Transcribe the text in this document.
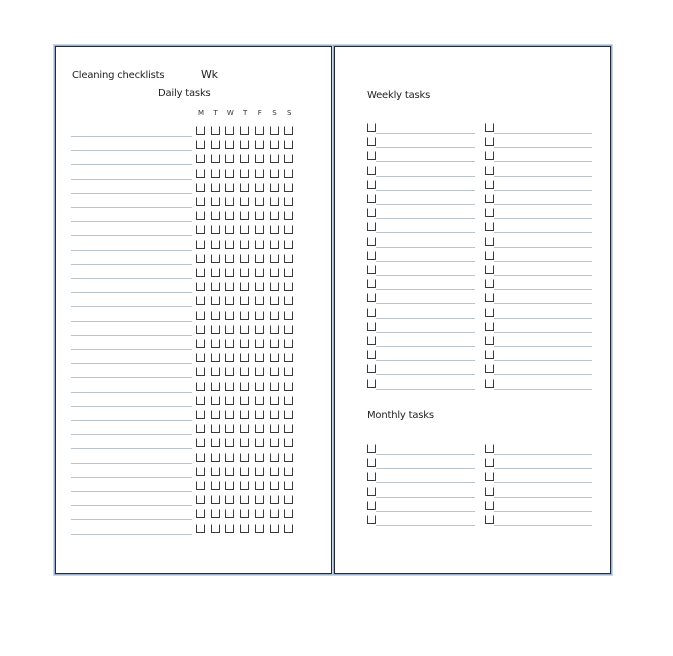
Cleaning checklists	Wk
Daily tasks
M	T	W	T	F	S	S
Weekly tasks
Monthly tasks
